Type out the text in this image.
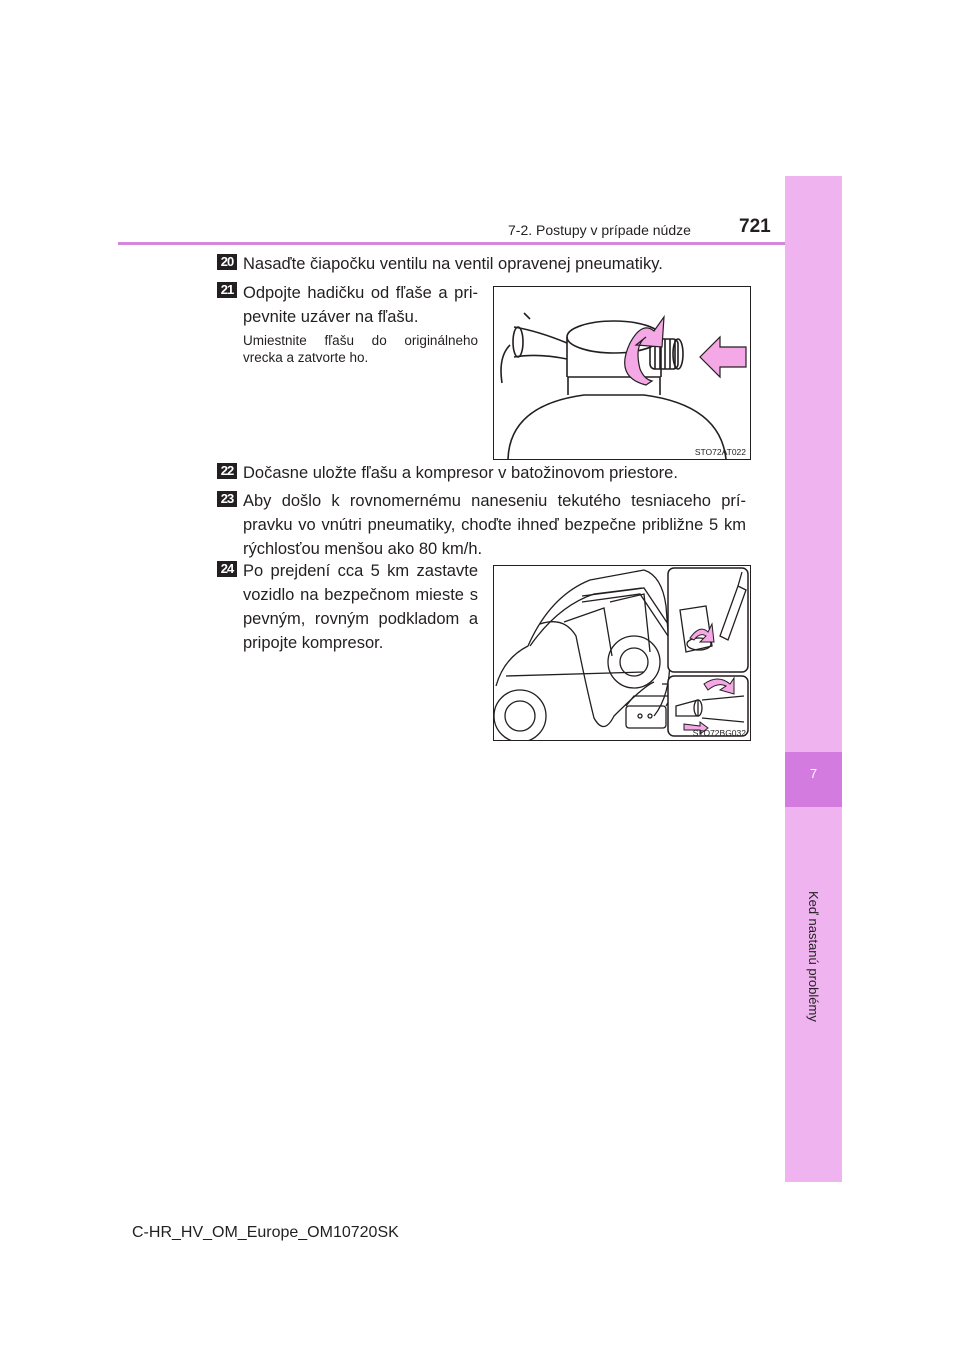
7
Keď nastanú problémy
7-2. Postupy v prípade núdze	721
20 Nasaďte čiapočku ventilu na ventil opravenej pneumatiky.
21 Odpojte hadičku od fľaše a pri-pevnite uzáver na fľašu.
Umiestnite fľašu do originálneho vrecka a zatvorte ho.
STO72AT022
22 Dočasne uložte fľašu a kompresor v batožinovom priestore.
23 Aby došlo k rovnomernému naneseniu tekutého tesniaceho prí-pravku vo vnútri pneumatiky, choďte ihneď bezpečne približne 5 km rýchlosťou menšou ako 80 km/h.
24 Po prejdení cca 5 km zastavte vozidlo na bezpečnom mieste s pevným, rovným podkladom a pripojte kompresor.
STO72BG032
C-HR_HV_OM_Europe_OM10720SK
